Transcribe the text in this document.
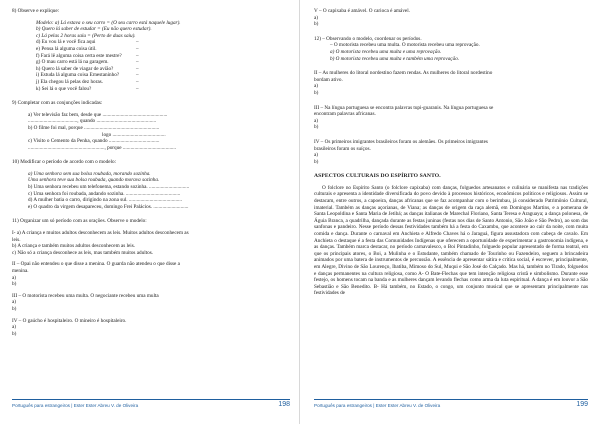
8) Observe e explique:

Modelo: a) Lá estava o seu carro = (O seu carro está naquele lugar).

b) Quero lá saber de estudar = (Eu não quero estudar).

c) Lá pelas 2 horas saiu = (Perto de duas saiu).

d) Eu vou lá e você fica aqui	–
e) Pensa lá alguma coisa útil.	–
f) Fará lê alguma coisa certa este mestre?	–
g) O mau carro está lá na garagem.	–
h) Quero lá saber de viagar de avião?	–
i) Estuda lá alguma coisa Ernestaninho?	–
j) Ela chegou lá pelas dez horas.	–
k) Sei lá o que você falou?	–

9) Completar com as conjunções indicadas:

a) Ver televisão faz bem, desde que ..................................................

......................................, quando ..............................................

b) O filme foi mal, porque ..........................................................

logo .........................................

c) Visito o Cemento da Penha, quando .......................................

..........................................................., porque .........................................

10) Modificar o período de acordo com o modelo:

a) Uma senhora sem sua bolsa roubada, morando sozinha.

Uma senhora teve sua bolsa roubada, quando morava sozinha.

b) Uma senhora recebeu um telefonema, estando sozinha. ...............................

c) Uma senhora foi roubada, andando sozinha. ..........................................

d) A mulher batia o carro, dirigindo na zona sul. .........................................

e) O quadro da virgem desapareceu, domingo Frei Palácios. ...........................

11) Organizar um só período com as orações. Observe o modelo:

I- a) A criança e muitos adultos desconhecem as leis. Muitos adultos desconhecem as

leis.

b) A criança e também muitos adultos desconhecem as leis.

c) Não só a criança desconhece as leis, mas também muitos adultos.

II – Opai não entendeu o que disse a menina. O guarda não atendeu o que disse a

menina.

a)

b)

III – O motorista recebeu uma multa. O negociante recebeu uma multa

a)

b)

IV – O gaúcho é hospitaleiro. O mineiro é hospitaleiro.

a)

b)

Português para estrangeiros | Ester Ester Abreu V. de Oliveira	198

V – O capixaba é amável. O carioca é amável.

a)

b)

12) – Observando o modelo, coordenar os períodos.

– O motorista recebeu uma multa. O motorista recebeu uma reprovação.

a) O motorista recebeu uma multa e uma reprovação.

b) O motorista recebeu uma multa e também uma reprovação.

II – As mulheres do litoral nordestino fazem rendas. As mulheres do litoral nordestino

bordam ativo.

a)

b)

III – Na língua portuguesa se encontra palavras tupi-guaranis. Na língua portuguesa se

encontram palavras africanas.

a)

b)

IV – Os primeiros imigrantes brasileiros foram os alemães. Os primeiros imigrantes

brasileiros foram os suíços.

a)

b)

ASPECTOS CULTURAIS DO ESPÍRITO SANTO.

O folclore no Espírito Santo (o folclore capixaba) com danças, folguedos artesanatos e culinária se manifesta nas tradições culturais e apresenta a identidade diversificada do povo devido à processos históricos, econômicos políticos e religiosos. Assim se destacam, entre outros, a capoeira, danças africanas que se faz acompanhar com o berimbau, já considerado Patrimônio Cultural, imaterial. Também as danças açorianas, de Viana; as danças de origem da raça alemã, em Domingos Martins, e a pomerana de Santa Leopoldina e Santa Maria de Jetibá; as danças italianas de Marechal Floriano, Santa Teresa e Araguaya; a dança polonesa, de Águia Branca, a quadrilha, dançada durante as festas juninas (festas nos dias de Santo Antonio, São João e São Pedro), ao som das sanfonas e pandeiro. Nesse período dessas festividades também há a festa do Caxambu, que acontece ao cair da noite, com muita comida e dança. Durante o carnaval em Anchieta e Alfredo Chaves há o Jaraguá, figura assustadora com cabeça de cavalo. Em Anchieta o destaque é a festa das Comunidades Indígenas que oferecem a oportunidade de experimentar a gastronomia indígena, e as danças. Também marca destacar, no período carnavalesco, o Boi Pintadinho, folguedo popular apresentado de forma teatral, em que os principais atores, o Boi, a Mulinha e o Estudante, também chamado de Tourinho ou Fazendeiro, seguem a brincadeira animados por uma batera de instrumentos de percussão. A essência de apresentar sátira e crítica social, é escrever, principalmente, em Alegre, Divino de São Lourenço, Ibatiba, Mimoso do Sul, Muqui e São José do Calçado. Mas há, também no Tirado, folguedos e danças permanentes na cultura religiosa, como A- O Bate-Flechas que tem intenção religiosa cristã e simbolismo. Durante esse festejo, os homens tocam na banda e as mulheres dançam levando flechas como arma da luta espiritual. A dança é em louvor a São Sebastião e São Benedito. B- Há também, no Estado, o congo, um conjunto musical que se apresentam principalmente nas festividades de

Português para estrangeiros | Ester Ester Abreu V. de Oliveira	199
